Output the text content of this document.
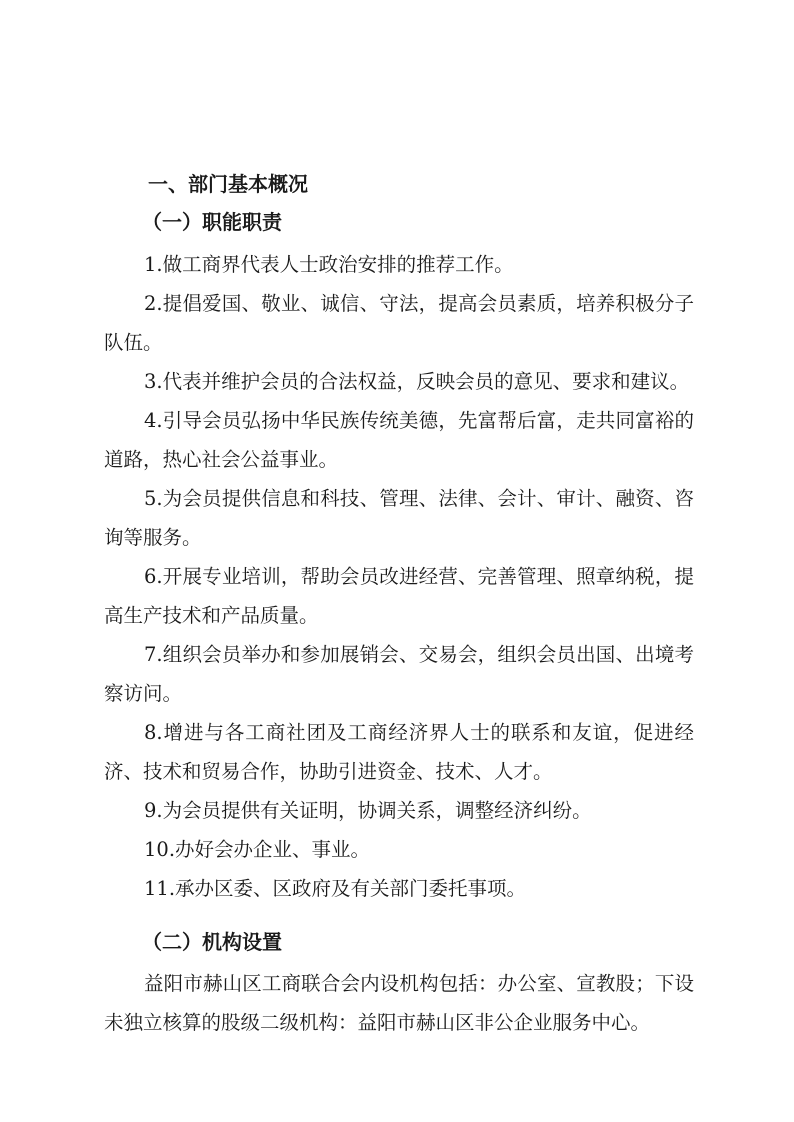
一、部门基本概况
（一）职能职责

1.做工商界代表人士政治安排的推荐工作。

2.提倡爱国、敬业、诚信、守法，提高会员素质，培养积极分子队伍。

3.代表并维护会员的合法权益，反映会员的意见、要求和建议。

4.引导会员弘扬中华民族传统美德，先富帮后富，走共同富裕的道路，热心社会公益事业。

5.为会员提供信息和科技、管理、法律、会计、审计、融资、咨询等服务。

6.开展专业培训，帮助会员改进经营、完善管理、照章纳税，提高生产技术和产品质量。

7.组织会员举办和参加展销会、交易会，组织会员出国、出境考察访问。

8.增进与各工商社团及工商经济界人士的联系和友谊，促进经济、技术和贸易合作，协助引进资金、技术、人才。

9.为会员提供有关证明，协调关系，调整经济纠纷。

10.办好会办企业、事业。

11.承办区委、区政府及有关部门委托事项。

（二）机构设置

益阳市赫山区工商联合会内设机构包括：办公室、宣教股；下设未独立核算的股级二级机构：益阳市赫山区非公企业服务中心。
